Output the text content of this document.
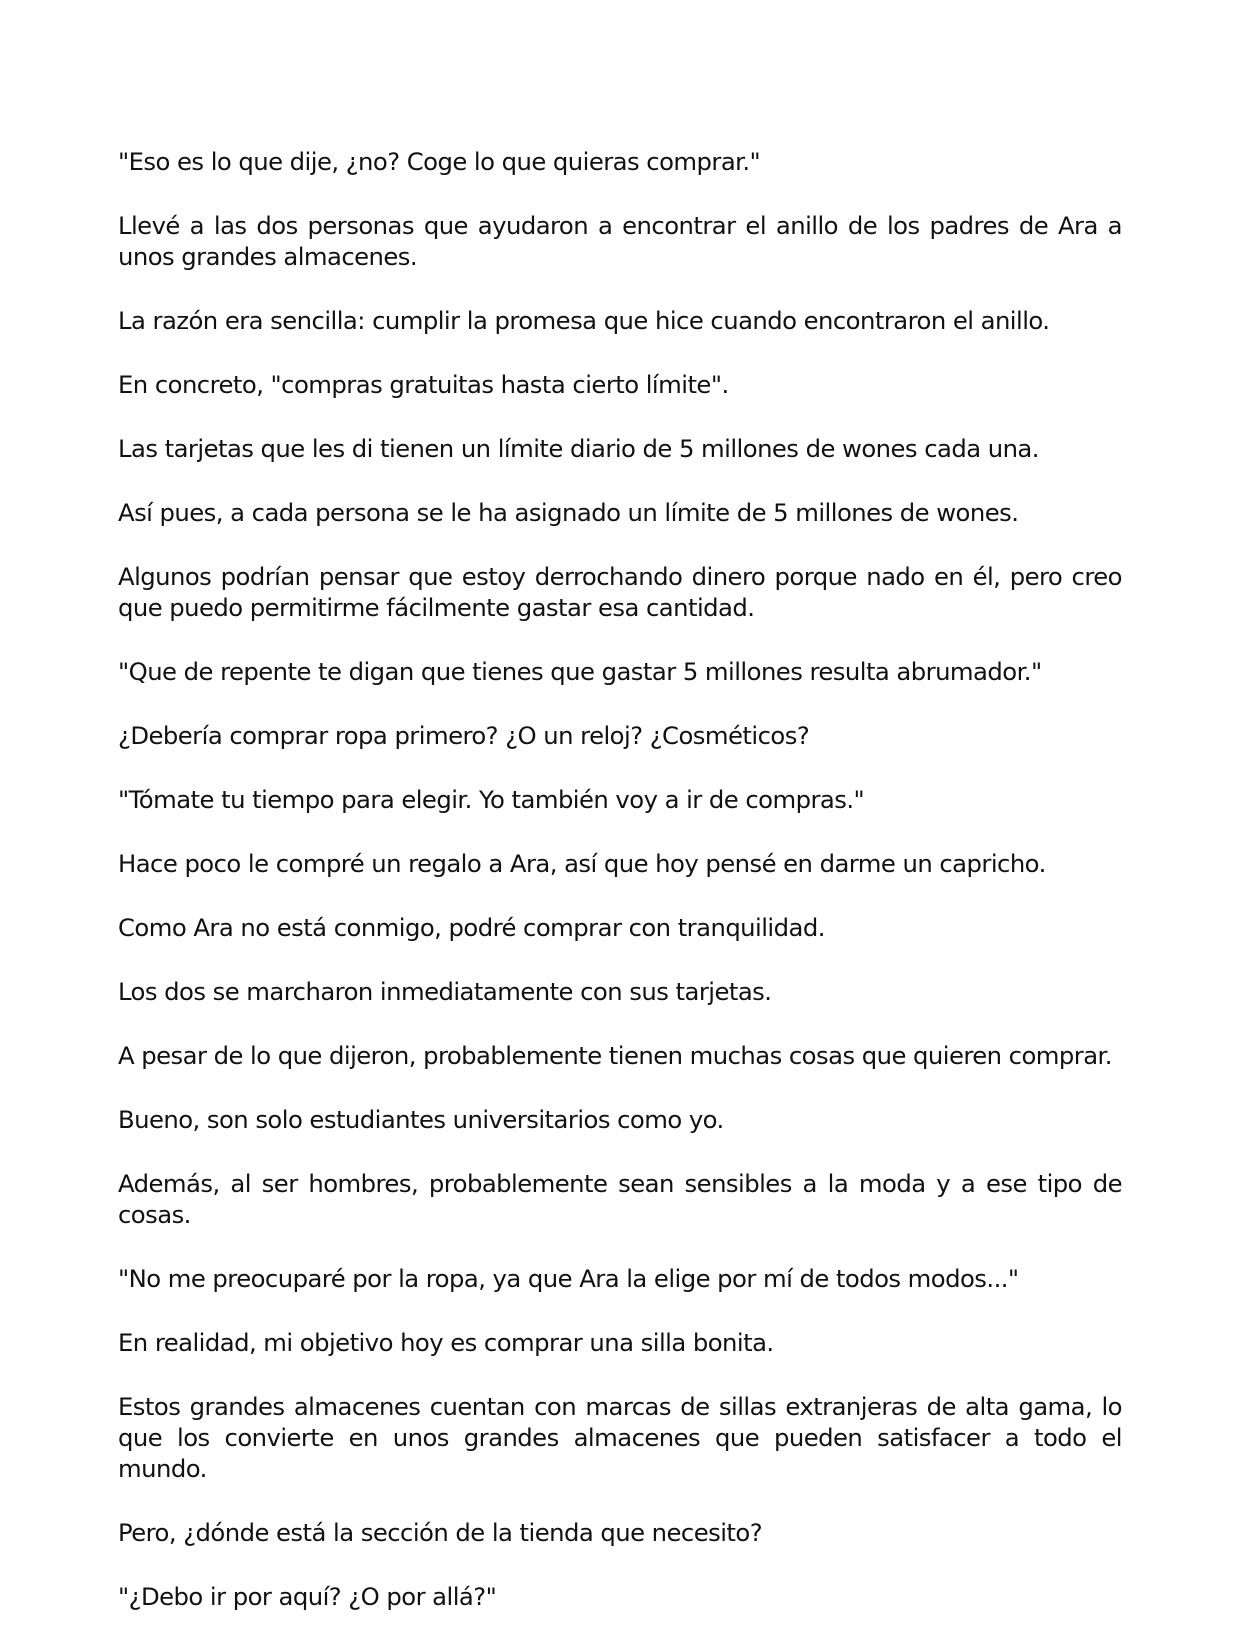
"Eso es lo que dije, ¿no? Coge lo que quieras comprar."

Llevé a las dos personas que ayudaron a encontrar el anillo de los padres de Ara a unos grandes almacenes.

La razón era sencilla: cumplir la promesa que hice cuando encontraron el anillo.

En concreto, "compras gratuitas hasta cierto límite".

Las tarjetas que les di tienen un límite diario de 5 millones de wones cada una.

Así pues, a cada persona se le ha asignado un límite de 5 millones de wones.

Algunos podrían pensar que estoy derrochando dinero porque nado en él, pero creo que puedo permitirme fácilmente gastar esa cantidad.

"Que de repente te digan que tienes que gastar 5 millones resulta abrumador."

¿Debería comprar ropa primero? ¿O un reloj? ¿Cosméticos?

"Tómate tu tiempo para elegir. Yo también voy a ir de compras."

Hace poco le compré un regalo a Ara, así que hoy pensé en darme un capricho.

Como Ara no está conmigo, podré comprar con tranquilidad.

Los dos se marcharon inmediatamente con sus tarjetas.

A pesar de lo que dijeron, probablemente tienen muchas cosas que quieren comprar.

Bueno, son solo estudiantes universitarios como yo.

Además, al ser hombres, probablemente sean sensibles a la moda y a ese tipo de cosas.

"No me preocuparé por la ropa, ya que Ara la elige por mí de todos modos..."

En realidad, mi objetivo hoy es comprar una silla bonita.

Estos grandes almacenes cuentan con marcas de sillas extranjeras de alta gama, lo que los convierte en unos grandes almacenes que pueden satisfacer a todo el mundo.

Pero, ¿dónde está la sección de la tienda que necesito?

"¿Debo ir por aquí? ¿O por allá?"
